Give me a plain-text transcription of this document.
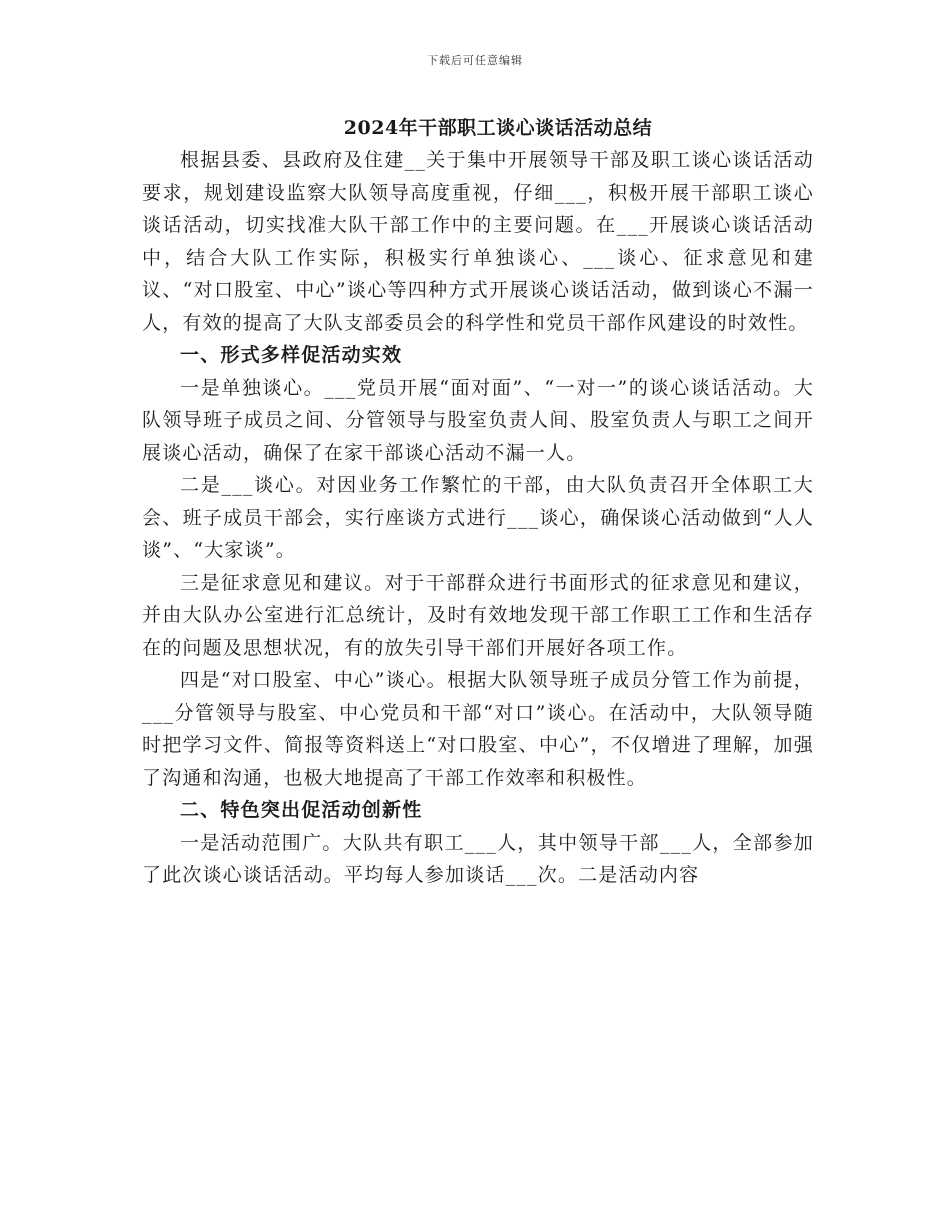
下载后可任意编辑
2024年干部职工谈心谈话活动总结

根据县委、县政府及住建__关于集中开展领导干部及职工谈心谈话活动要求，规划建设监察大队领导高度重视，仔细___，积极开展干部职工谈心谈话活动，切实找准大队干部工作中的主要问题。在___开展谈心谈话活动中，结合大队工作实际，积极实行单独谈心、___谈心、征求意见和建议、“对口股室、中心”谈心等四种方式开展谈心谈话活动，做到谈心不漏一人，有效的提高了大队支部委员会的科学性和党员干部作风建设的时效性。

一、形式多样促活动实效

一是单独谈心。___党员开展“面对面”、“一对一”的谈心谈话活动。大队领导班子成员之间、分管领导与股室负责人间、股室负责人与职工之间开展谈心活动，确保了在家干部谈心活动不漏一人。

二是___谈心。对因业务工作繁忙的干部，由大队负责召开全体职工大会、班子成员干部会，实行座谈方式进行___谈心，确保谈心活动做到“人人谈”、“大家谈”。

三是征求意见和建议。对于干部群众进行书面形式的征求意见和建议，并由大队办公室进行汇总统计，及时有效地发现干部工作职工工作和生活存在的问题及思想状况，有的放失引导干部们开展好各项工作。

四是“对口股室、中心”谈心。根据大队领导班子成员分管工作为前提，___分管领导与股室、中心党员和干部“对口”谈心。在活动中，大队领导随时把学习文件、简报等资料送上“对口股室、中心”，不仅增进了理解，加强了沟通和沟通，也极大地提高了干部工作效率和积极性。

二、特色突出促活动创新性

一是活动范围广。大队共有职工___人，其中领导干部___人，全部参加了此次谈心谈话活动。平均每人参加谈话___次。二是活动内容
